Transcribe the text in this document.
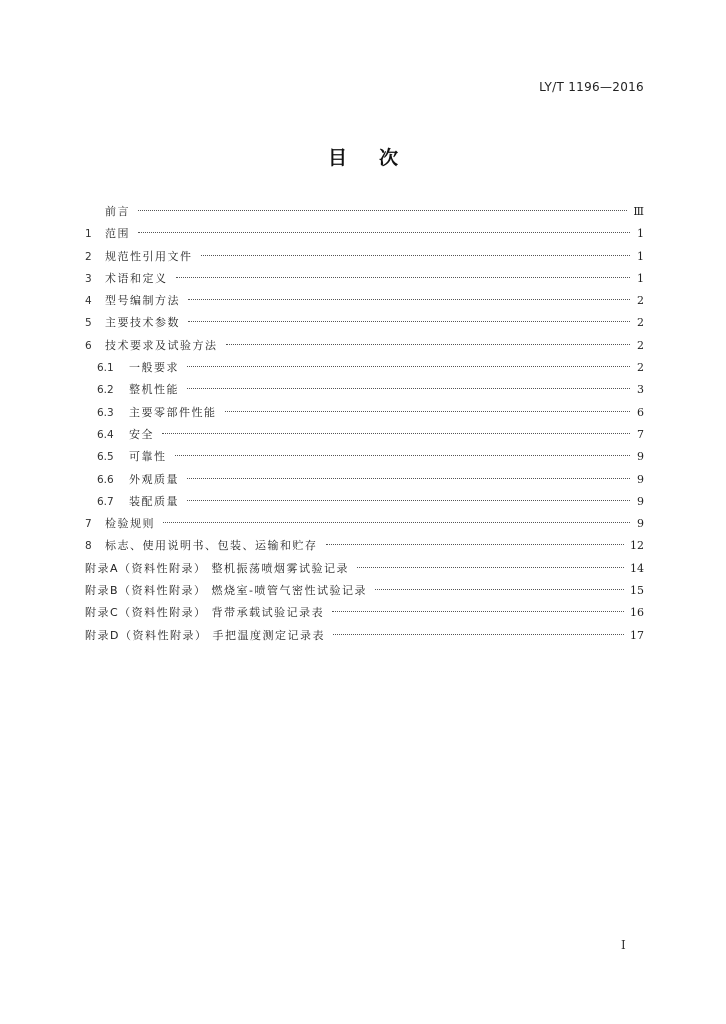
LY/T 1196—2016
目次
前言	Ⅲ
1	范围	1
2	规范性引用文件	1
3	术语和定义	1
4	型号编制方法	2
5	主要技术参数	2
6	技术要求及试验方法	2
6.1	一般要求	2
6.2	整机性能	3
6.3	主要零部件性能	6
6.4	安全	7
6.5	可靠性	9
6.6	外观质量	9
6.7	装配质量	9
7	检验规则	9
8	标志、使用说明书、包装、运输和贮存	12
附录A（资料性附录） 整机振荡喷烟雾试验记录	14
附录B（资料性附录） 燃烧室-喷管气密性试验记录	15
附录C（资料性附录） 背带承载试验记录表	16
附录D（资料性附录） 手把温度测定记录表	17
I
